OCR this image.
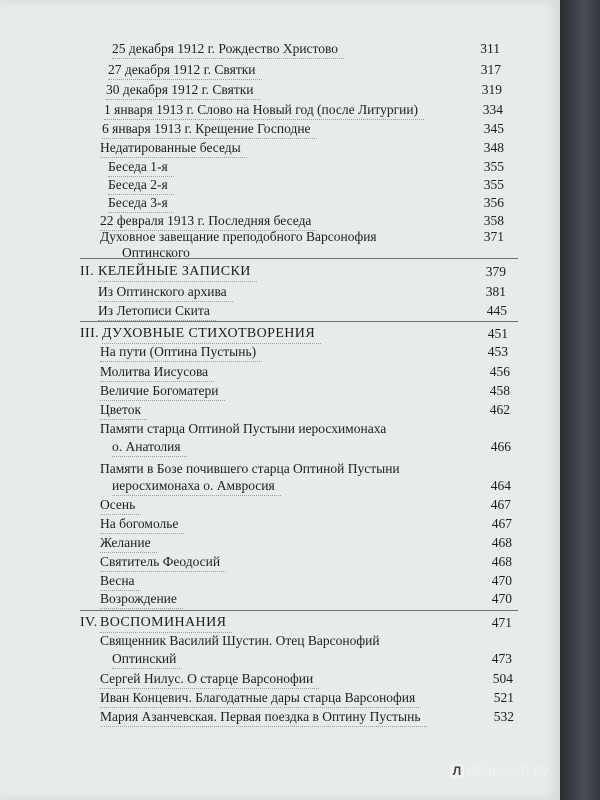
25 декабря 1912 г. Рождество Христово	311
27 декабря 1912 г. Святки	317
30 декабря 1912 г. Святки	319
1 января 1913 г. Слово на Новый год (после Литургии)	334
6 января 1913 г. Крещение Господне	345
Недатированные беседы	348
Беседа 1-я	355
Беседа 2-я	355
Беседа 3-я	356
22 февраля 1913 г. Последняя беседа	358
Духовное завещание преподобного Варсонофия	371
Оптинского
II. КЕЛЕЙНЫЕ ЗАПИСКИ	379
Из Оптинского архива	381
Из Летописи Скита	445
III. ДУХОВНЫЕ СТИХОТВОРЕНИЯ	451
На пути (Оптина Пустынь)	453
Молитва Иисусова	456
Величие Богоматери	458
Цветок	462
Памяти старца Оптиной Пустыни иеросхимонаха
о. Анатолия	466
Памяти в Бозе почившего старца Оптиной Пустыни
иеросхимонаха о. Амвросия	464
Осень	467
На богомолье	467
Желание	468
Святитель Феодосий	468
Весна	470
Возрождение	470
IV. ВОСПОМИНАНИЯ	471
Священник Василий Шустин. Отец Варсонофий
Оптинский	473
Сергей Нилус. О старце Варсонофии	504
Иван Концевич. Благодатные дары старца Варсонофия	521
Мария Азанчевская. Первая поездка в Оптину Пустынь	532
Л абиринт.ру
